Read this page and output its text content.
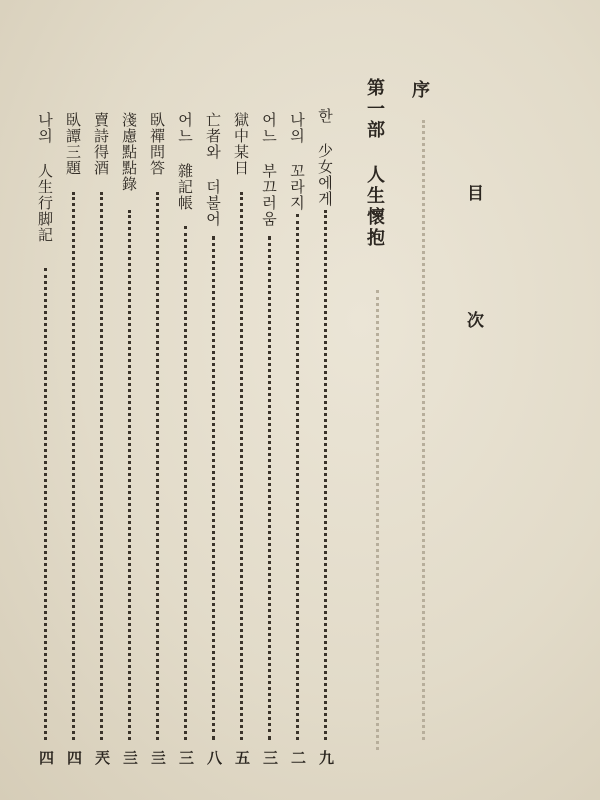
目次
序
第一部 人生懷抱
한 少女에게
九
나의 꼬라지
二
어느 부끄러움
三
獄中某日
五
亡者와 더불어
八
어느 雜記帳
三
臥禪問答
亖
淺慮點點錄
亖
賣詩得酒
兲
臥譚三題
四
나의 人生行脚記
四
